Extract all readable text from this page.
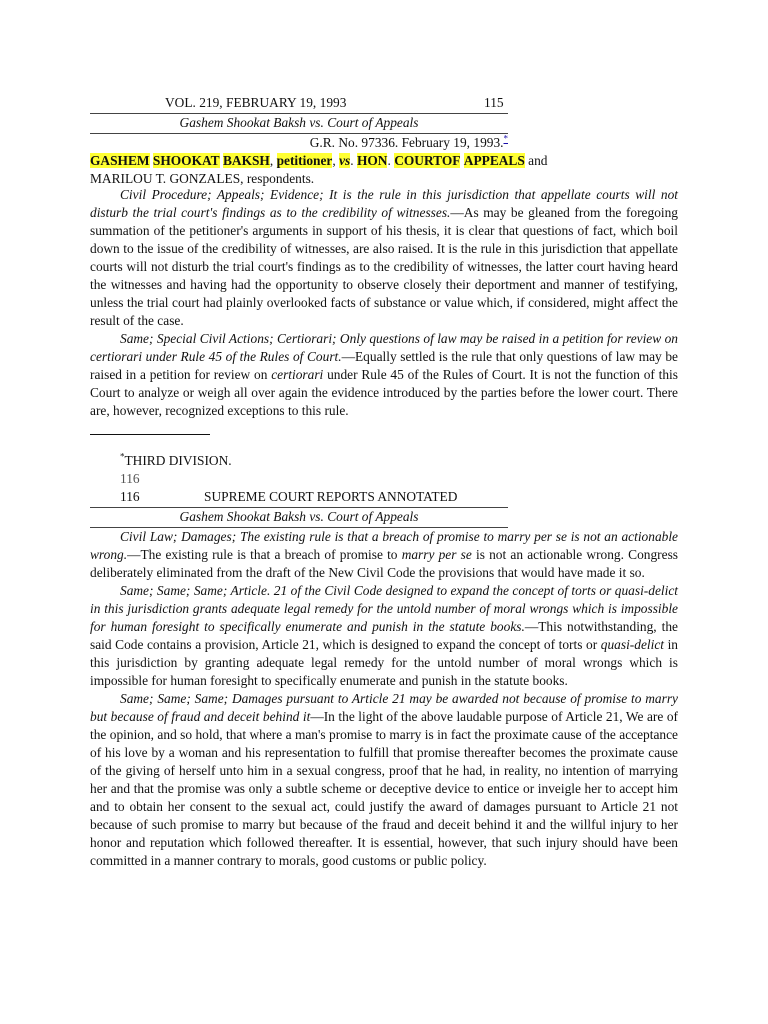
VOL. 219, FEBRUARY 19, 1993	115
Gashem Shookat Baksh vs. Court of Appeals
G.R. No. 97336. February 19, 1993.*
GASHEM SHOOKAT BAKSH, petitioner, vs. HON. COURTOF APPEALS and
MARILOU T. GONZALES, respondents.

Civil Procedure; Appeals; Evidence; It is the rule in this jurisdiction that appellate courts will not disturb the trial court's findings as to the credibility of witnesses.—As may be gleaned from the foregoing summation of the petitioner's arguments in support of his thesis, it is clear that questions of fact, which boil down to the issue of the credibility of witnesses, are also raised. It is the rule in this jurisdiction that appellate courts will not disturb the trial court's findings as to the credibility of witnesses, the latter court having heard the witnesses and having had the opportunity to observe closely their deportment and manner of testifying, unless the trial court had plainly overlooked facts of substance or value which, if considered, might affect the result of the case.

Same; Special Civil Actions; Certiorari; Only questions of law may be raised in a petition for review on certiorari under Rule 45 of the Rules of Court.—Equally settled is the rule that only questions of law may be raised in a petition for review on certiorari under Rule 45 of the Rules of Court. It is not the function of this Court to analyze or weigh all over again the evidence introduced by the parties before the lower court. There are, however, recognized exceptions to this rule.

*THIRD DIVISION.
116
116	SUPREME COURT REPORTS ANNOTATED
Gashem Shookat Baksh vs. Court of Appeals

Civil Law; Damages; The existing rule is that a breach of promise to marry per se is not an actionable wrong.—The existing rule is that a breach of promise to marry per se is not an actionable wrong. Congress deliberately eliminated from the draft of the New Civil Code the provisions that would have made it so.

Same; Same; Same; Article. 21 of the Civil Code designed to expand the concept of torts or quasi-delict in this jurisdiction grants adequate legal remedy for the untold number of moral wrongs which is impossible for human foresight to specifically enumerate and punish in the statute books.—This notwithstanding, the said Code contains a provision, Article 21, which is designed to expand the concept of torts or quasi-delict in this jurisdiction by granting adequate legal remedy for the untold number of moral wrongs which is impossible for human foresight to specifically enumerate and punish in the statute books.

Same; Same; Same; Damages pursuant to Article 21 may be awarded not because of promise to marry but because of fraud and deceit behind it—In the light of the above laudable purpose of Article 21, We are of the opinion, and so hold, that where a man's promise to marry is in fact the proximate cause of the acceptance of his love by a woman and his representation to fulfill that promise thereafter becomes the proximate cause of the giving of herself unto him in a sexual congress, proof that he had, in reality, no intention of marrying her and that the promise was only a subtle scheme or deceptive device to entice or inveigle her to accept him and to obtain her consent to the sexual act, could justify the award of damages pursuant to Article 21 not because of such promise to marry but because of the fraud and deceit behind it and the willful injury to her honor and reputation which followed thereafter. It is essential, however, that such injury should have been committed in a manner contrary to morals, good customs or public policy.
